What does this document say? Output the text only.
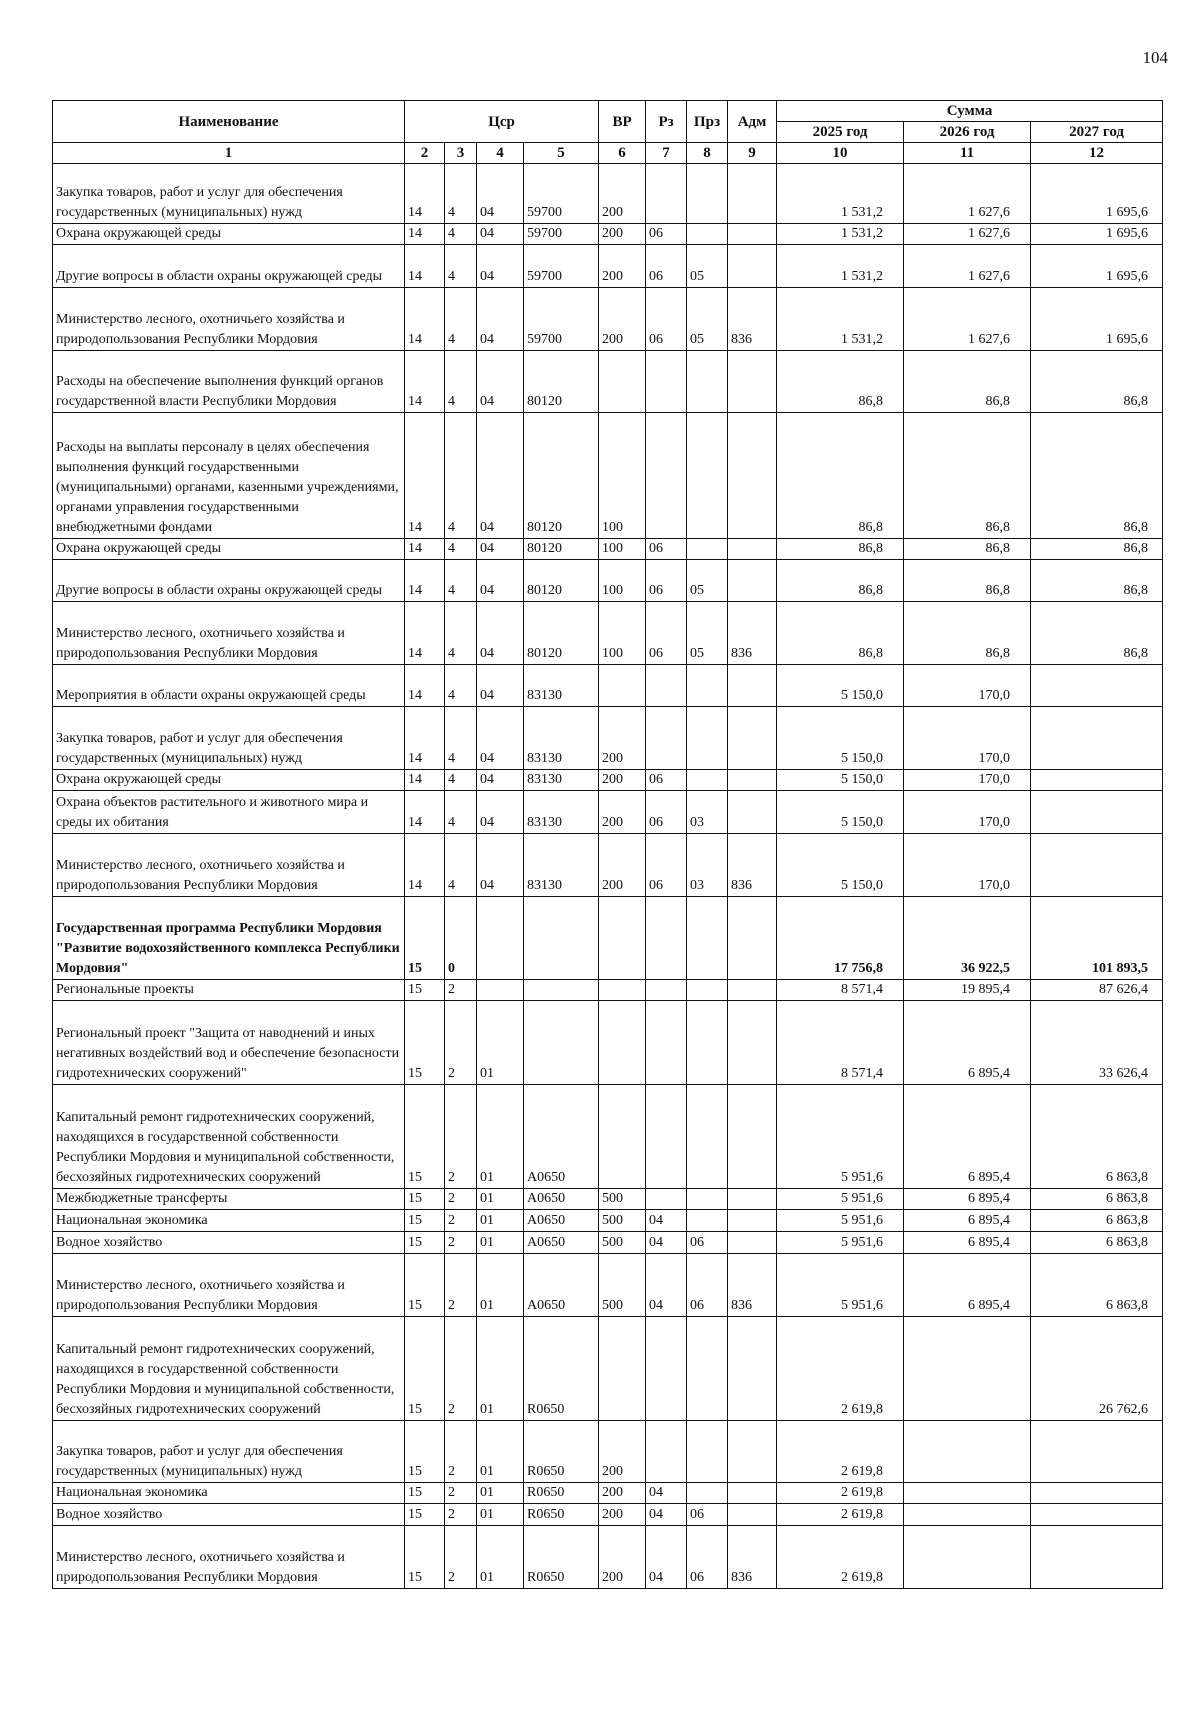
104
Наименование	Цср				ВР	Рз	Прз	Адм	Сумма		
									2025 год	2026 год	2027 год
1	2	3	4	5	6	7	8	9	10	11	12
Закупка товаров, работ и услуг для обеспечения государственных (муниципальных) нужд	14	4	04	59700	200				1 531,2	1 627,6	1 695,6
Охрана окружающей среды	14	4	04	59700	200	06			1 531,2	1 627,6	1 695,6
Другие вопросы в области охраны окружающей среды	14	4	04	59700	200	06	05		1 531,2	1 627,6	1 695,6
Министерство лесного, охотничьего хозяйства и природопользования Республики Мордовия	14	4	04	59700	200	06	05	836	1 531,2	1 627,6	1 695,6
Расходы на обеспечение выполнения функций органов государственной власти Республики Мордовия	14	4	04	80120					86,8	86,8	86,8
Расходы на выплаты персоналу в целях обеспечения выполнения функций государственными (муниципальными) органами, казенными учреждениями, органами управления государственными внебюджетными фондами	14	4	04	80120	100				86,8	86,8	86,8
Охрана окружающей среды	14	4	04	80120	100	06			86,8	86,8	86,8
Другие вопросы в области охраны окружающей среды	14	4	04	80120	100	06	05		86,8	86,8	86,8
Министерство лесного, охотничьего хозяйства и природопользования Республики Мордовия	14	4	04	80120	100	06	05	836	86,8	86,8	86,8
Мероприятия в области охраны окружающей среды	14	4	04	83130					5 150,0	170,0	
Закупка товаров, работ и услуг для обеспечения государственных (муниципальных) нужд	14	4	04	83130	200				5 150,0	170,0	
Охрана окружающей среды	14	4	04	83130	200	06			5 150,0	170,0	
Охрана объектов растительного и животного мира и среды их обитания	14	4	04	83130	200	06	03		5 150,0	170,0	
Министерство лесного, охотничьего хозяйства и природопользования Республики Мордовия	14	4	04	83130	200	06	03	836	5 150,0	170,0	
Государственная программа Республики Мордовия "Развитие водохозяйственного комплекса Республики Мордовия"	15	0							17 756,8	36 922,5	101 893,5
Региональные проекты	15	2							8 571,4	19 895,4	87 626,4
Региональный проект "Защита от наводнений и иных негативных воздействий вод и обеспечение безопасности гидротехнических сооружений"	15	2	01						8 571,4	6 895,4	33 626,4
Капитальный ремонт гидротехнических сооружений, находящихся в государственной собственности Республики Мордовия и муниципальной собственности, бесхозяйных гидротехнических сооружений	15	2	01	А0650					5 951,6	6 895,4	6 863,8
Межбюджетные трансферты	15	2	01	А0650	500				5 951,6	6 895,4	6 863,8
Национальная экономика	15	2	01	А0650	500	04			5 951,6	6 895,4	6 863,8
Водное хозяйство	15	2	01	А0650	500	04	06		5 951,6	6 895,4	6 863,8
Министерство лесного, охотничьего хозяйства и природопользования Республики Мордовия	15	2	01	А0650	500	04	06	836	5 951,6	6 895,4	6 863,8
Капитальный ремонт гидротехнических сооружений, находящихся в государственной собственности Республики Мордовия и муниципальной собственности, бесхозяйных гидротехнических сооружений	15	2	01	R0650					2 619,8		26 762,6
Закупка товаров, работ и услуг для обеспечения государственных (муниципальных) нужд	15	2	01	R0650	200				2 619,8		
Национальная экономика	15	2	01	R0650	200	04			2 619,8		
Водное хозяйство	15	2	01	R0650	200	04	06		2 619,8		
Министерство лесного, охотничьего хозяйства и природопользования Республики Мордовия	15	2	01	R0650	200	04	06	836	2 619,8		
